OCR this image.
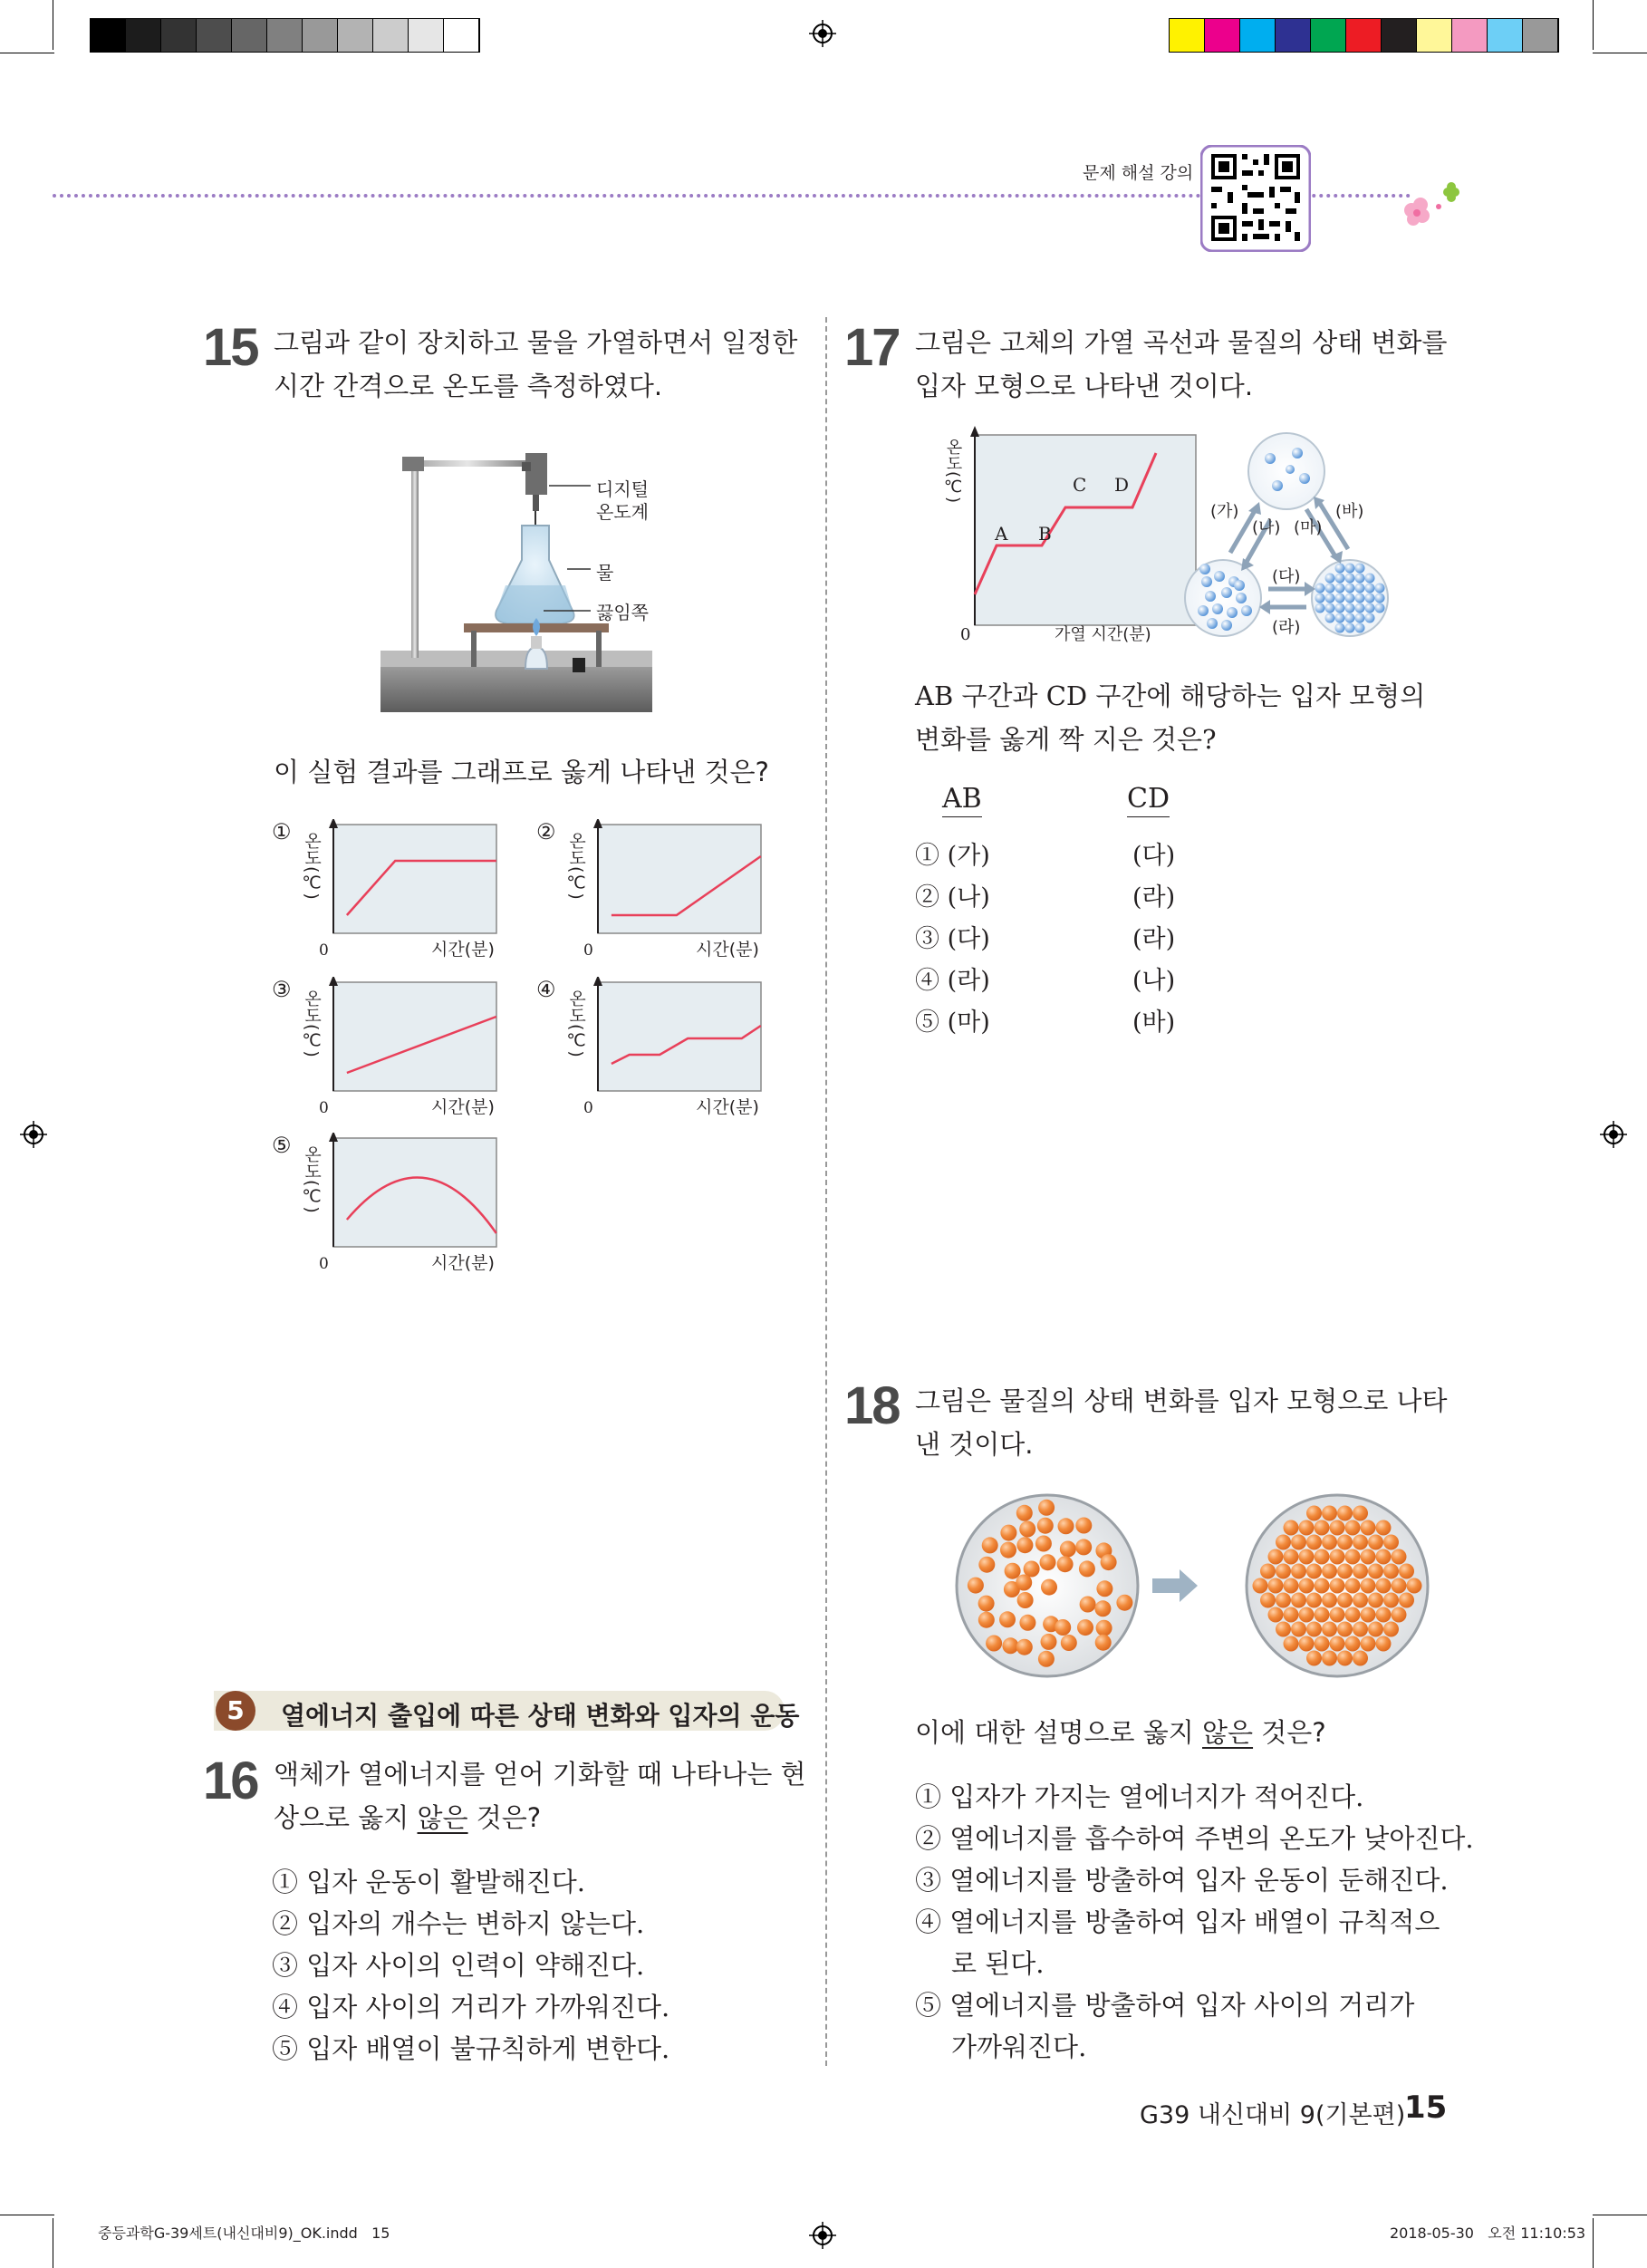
문제 해설 강의
15 그림과 같이 장치하고 물을 가열하면서 일정한
시간 간격으로 온도를 측정하였다.
디지털
온도계
물
끓임쪽
이 실험 결과를 그래프로 옳게 나타낸 것은?
① 온도(℃)
0	시간(분)
② 온도(℃)
0	시간(분)
③ 온도(℃)
0	시간(분)
④ 온도(℃)
0	시간(분)
⑤ 온도(℃)
0	시간(분)
5	열에너지 출입에 따른 상태 변화와 입자의 운동
16 액체가 열에너지를 얻어 기화할 때 나타나는 현
상으로 옳지 않은 것은?
① 입자 운동이 활발해진다.
② 입자의 개수는 변하지 않는다.
③ 입자 사이의 인력이 약해진다.
④ 입자 사이의 거리가 가까워진다.
⑤ 입자 배열이 불규칙하게 변한다.
17 그림은 고체의 가열 곡선과 물질의 상태 변화를
입자 모형으로 나타낸 것이다.
온도(℃)
0	가열 시간(분)
A B
C D
(가)
(나) (마)
(바)
(다)
(라)
AB 구간과 CD 구간에 해당하는 입자 모형의
변화를 옳게 짝 지은 것은?
AB	CD
① (가)	(다)
② (나)	(라)
③ (다)	(라)
④ (라)	(나)
⑤ (마)	(바)
18 그림은 물질의 상태 변화를 입자 모형으로 나타
낸 것이다.
이에 대한 설명으로 옳지 않은 것은?
① 입자가 가지는 열에너지가 적어진다.
② 열에너지를 흡수하여 주변의 온도가 낮아진다.
③ 열에너지를 방출하여 입자 운동이 둔해진다.
④ 열에너지를 방출하여 입자 배열이 규칙적으
로 된다.
⑤ 열에너지를 방출하여 입자 사이의 거리가
가까워진다.
G39 내신대비 9(기본편)
15
중등과학G-39세트(내신대비9)_OK.indd   15	2018-05-30   오전 11:10:53
